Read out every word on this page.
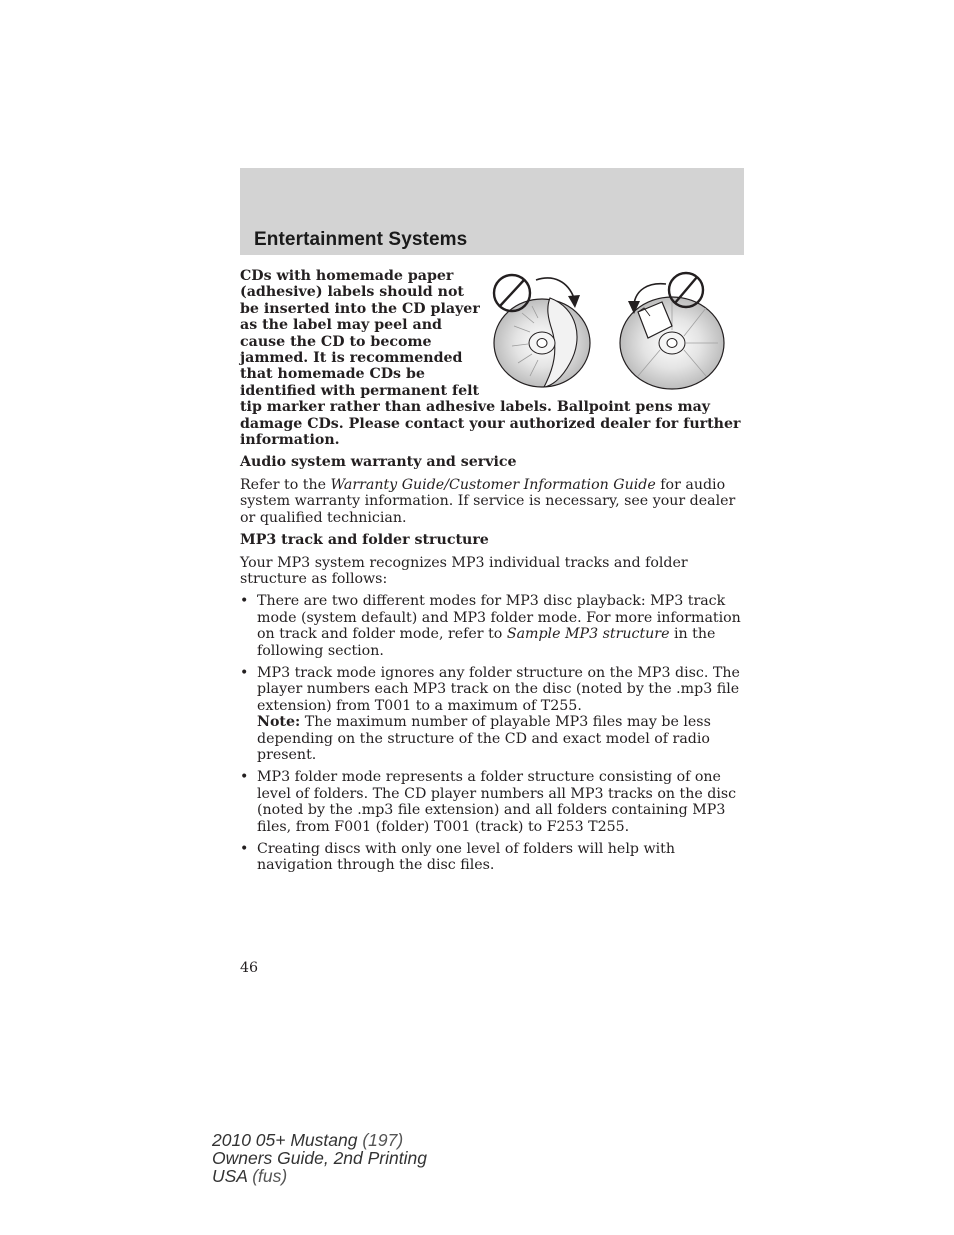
Entertainment Systems

CDs with homemade paper (adhesive) labels should not be inserted into the CD player as the label may peel and cause the CD to become jammed. It is recommended that homemade CDs be identified with permanent felt tip marker rather than adhesive labels. Ballpoint pens may damage CDs. Please contact your authorized dealer for further information.

Audio system warranty and service

Refer to the Warranty Guide/Customer Information Guide for audio system warranty information. If service is necessary, see your dealer or qualified technician.

MP3 track and folder structure

Your MP3 system recognizes MP3 individual tracks and folder structure as follows:

• There are two different modes for MP3 disc playback: MP3 track mode (system default) and MP3 folder mode. For more information on track and folder mode, refer to Sample MP3 structure in the following section.
• MP3 track mode ignores any folder structure on the MP3 disc. The player numbers each MP3 track on the disc (noted by the .mp3 file extension) from T001 to a maximum of T255.
Note: The maximum number of playable MP3 files may be less depending on the structure of the CD and exact model of radio present.
• MP3 folder mode represents a folder structure consisting of one level of folders. The CD player numbers all MP3 tracks on the disc (noted by the .mp3 file extension) and all folders containing MP3 files, from F001 (folder) T001 (track) to F253 T255.
• Creating discs with only one level of folders will help with navigation through the disc files.
46
2010 05+ Mustang (197)
Owners Guide, 2nd Printing
USA (fus)
